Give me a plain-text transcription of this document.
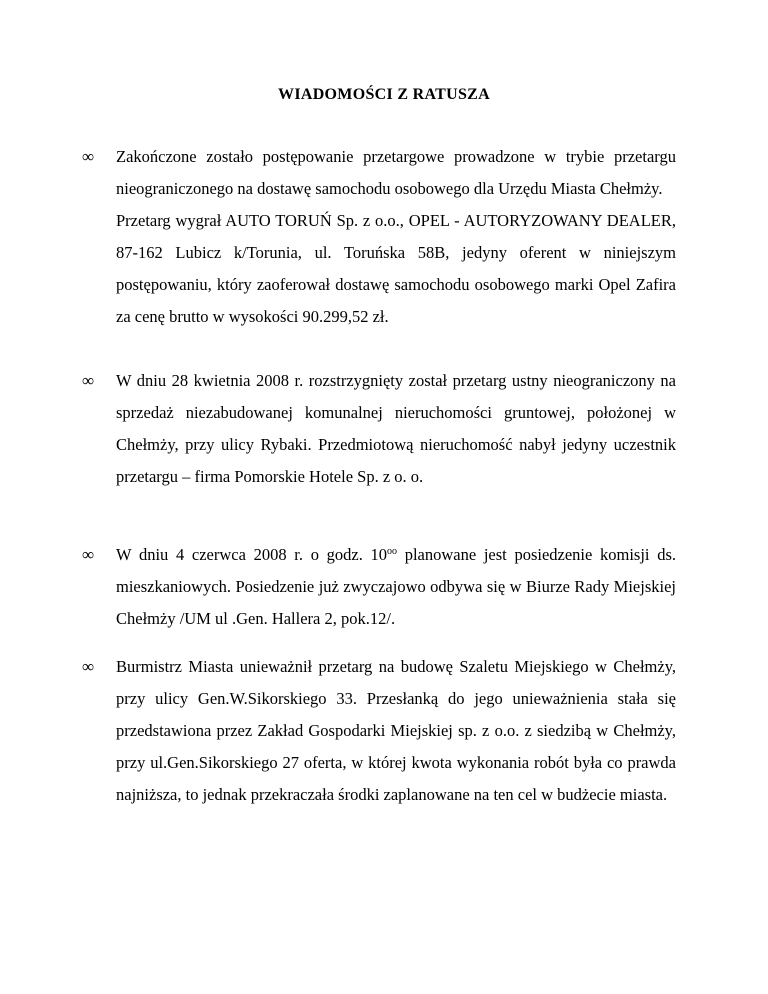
WIADOMOŚCI Z RATUSZA
∞	Zakończone zostało postępowanie przetargowe prowadzone w trybie przetargu nieograniczonego na dostawę samochodu osobowego dla Urzędu Miasta Chełmży.

Przetarg wygrał AUTO TORUŃ Sp. z o.o., OPEL - AUTORYZOWANY DEALER, 87-162 Lubicz k/Torunia, ul. Toruńska 58B, jedyny oferent w niniejszym postępowaniu, który zaoferował dostawę samochodu osobowego marki Opel Zafira za cenę brutto w wysokości 90.299,52 zł.

∞	W dniu 28 kwietnia 2008 r. rozstrzygnięty został przetarg ustny nieograniczony na sprzedaż niezabudowanej komunalnej nieruchomości gruntowej, położonej w Chełmży, przy ulicy Rybaki. Przedmiotową nieruchomość nabył jedyny uczestnik przetargu – firma Pomorskie Hotele Sp. z o. o.

∞	W dniu 4 czerwca 2008 r. o godz. $10^{oo}$ planowane jest posiedzenie komisji ds. mieszkaniowych. Posiedzenie już zwyczajowo odbywa się w Biurze Rady Miejskiej Chełmży /UM ul .Gen. Hallera 2, pok.12/.

∞	Burmistrz Miasta unieważnił przetarg na budowę Szaletu Miejskiego w Chełmży, przy ulicy Gen.W.Sikorskiego 33. Przesłanką do jego unieważnienia stała się przedstawiona przez Zakład Gospodarki Miejskiej sp. z o.o. z siedzibą w Chełmży, przy ul.Gen.Sikorskiego 27 oferta, w której kwota wykonania robót była co prawda najniższa, to jednak przekraczała środki zaplanowane na ten cel w budżecie miasta.
